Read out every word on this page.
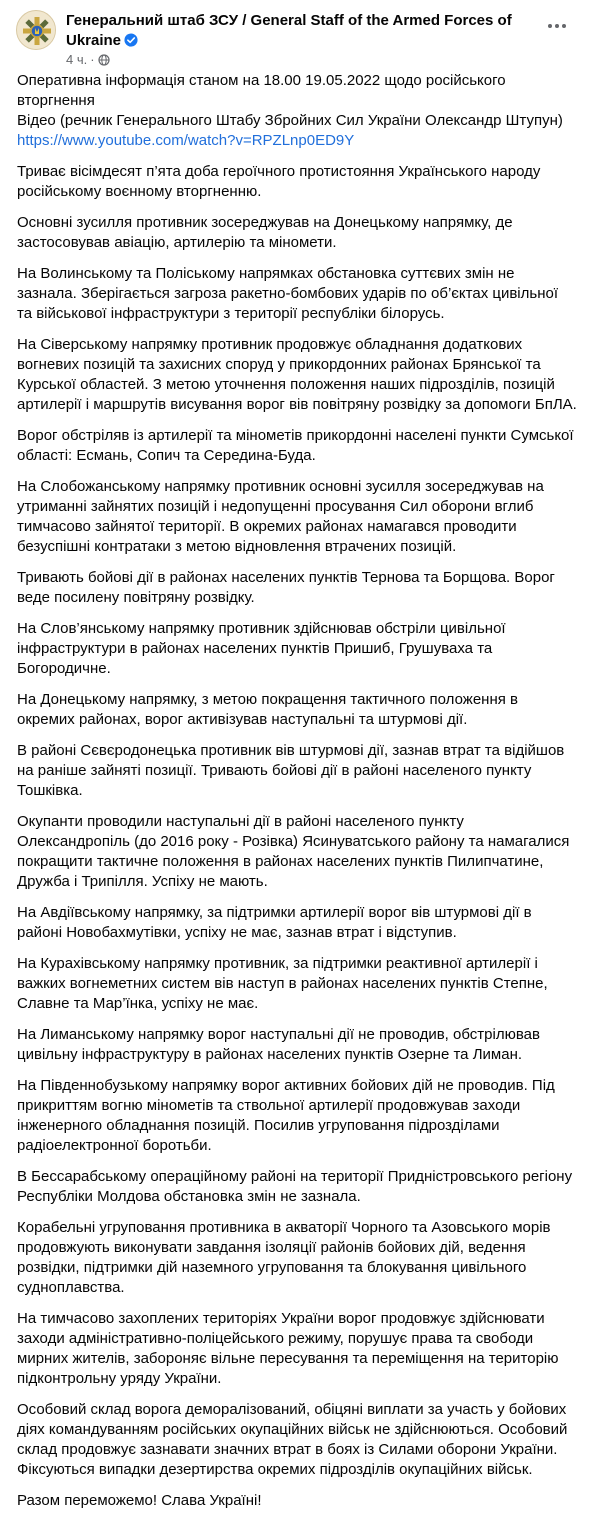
Генеральний штаб ЗСУ / General Staff of the Armed Forces of Ukraine
4 ч. ·

Оперативна інформація станом на 18.00 19.05.2022 щодо російського вторгнення
Відео (речник Генерального Штабу Збройних Сил України Олександр Штупун)
https://www.youtube.com/watch?v=RPZLnp0ED9Y

Триває вісімдесят п’ята доба героїчного протистояння Українського народу російському воєнному вторгненню.

Основні зусилля противник зосереджував на Донецькому напрямку, де застосовував авіацію, артилерію та міномети.

На Волинському та Поліському напрямках обстановка суттєвих змін не зазнала. Зберігається загроза ракетно-бомбових ударів по об’єктах цивільної та військової інфраструктури з території республіки білорусь.

На Сіверському напрямку противник продовжує обладнання додаткових вогневих позицій та захисних споруд у прикордонних районах Брянської та Курської областей. З метою уточнення положення наших підрозділів, позицій артилерії і маршрутів висування ворог вів повітряну розвідку за допомоги БпЛА.

Ворог обстріляв із артилерії та мінометів прикордонні населені пункти Сумської області: Есмань, Сопич та Середина-Буда.

На Слобожанському напрямку противник основні зусилля зосереджував на утриманні зайнятих позицій і недопущенні просування Сил оборони вглиб тимчасово зайнятої території. В окремих районах намагався проводити безуспішні контратаки з метою відновлення втрачених позицій.

Тривають бойові дії в районах населених пунктів Тернова та Борщова. Ворог веде посилену повітряну розвідку.

На Слов’янському напрямку противник здійснював обстріли цивільної інфраструктури в районах населених пунктів Пришиб, Грушуваха та Богородичне.

На Донецькому напрямку, з метою покращення тактичного положення в окремих районах, ворог активізував наступальні та штурмові дії.

В районі Сєвєродонецька противник вів штурмові дії, зазнав втрат та відійшов на раніше зайняті позиції. Тривають бойові дії в районі населеного пункту Тошківка.

Окупанти проводили наступальні дії в районі населеного пункту Олександропіль (до 2016 року - Розівка) Ясинуватського району та намагалися покращити тактичне положення в районах населених пунктів Пилипчатине, Дружба і Трипілля. Успіху не мають.

На Авдіївському напрямку, за підтримки артилерії ворог вів штурмові дії в районі Новобахмутівки, успіху не має, зазнав втрат і відступив.

На Курахівському напрямку противник, за підтримки реактивної артилерії і важких вогнеметних систем вів наступ в районах населених пунктів Степне, Славне та Мар’їнка, успіху не має.

На Лиманському напрямку ворог наступальні дії не проводив, обстрілював цивільну інфраструктуру в районах населених пунктів Озерне та Лиман.

На Південнобузькому напрямку ворог активних бойових дій не проводив. Під прикриттям вогню мінометів та ствольної артилерії продовжував заходи інженерного обладнання позицій. Посилив угруповання підрозділами радіоелектронної боротьби.

В Бессарабському операційному районі на території Придністровського регіону Республіки Молдова обстановка змін не зазнала.

Корабельні угруповання противника в акваторії Чорного та Азовського морів продовжують виконувати завдання ізоляції районів бойових дій, ведення розвідки, підтримки дій наземного угруповання та блокування цивільного судноплавства.

На тимчасово захоплених територіях України ворог продовжує здійснювати заходи адміністративно-поліцейського режиму, порушує права та свободи мирних жителів, забороняє вільне пересування та переміщення на територію підконтрольну уряду України.

Особовий склад ворога деморалізований, обіцяні виплати за участь у бойових діях командуванням російських окупаційних військ не здійснюються. Особовий склад продовжує зазнавати значних втрат в боях із Силами оборони України. Фіксуються випадки дезертирства окремих підрозділів окупаційних військ.

Разом переможемо! Слава Україні!
